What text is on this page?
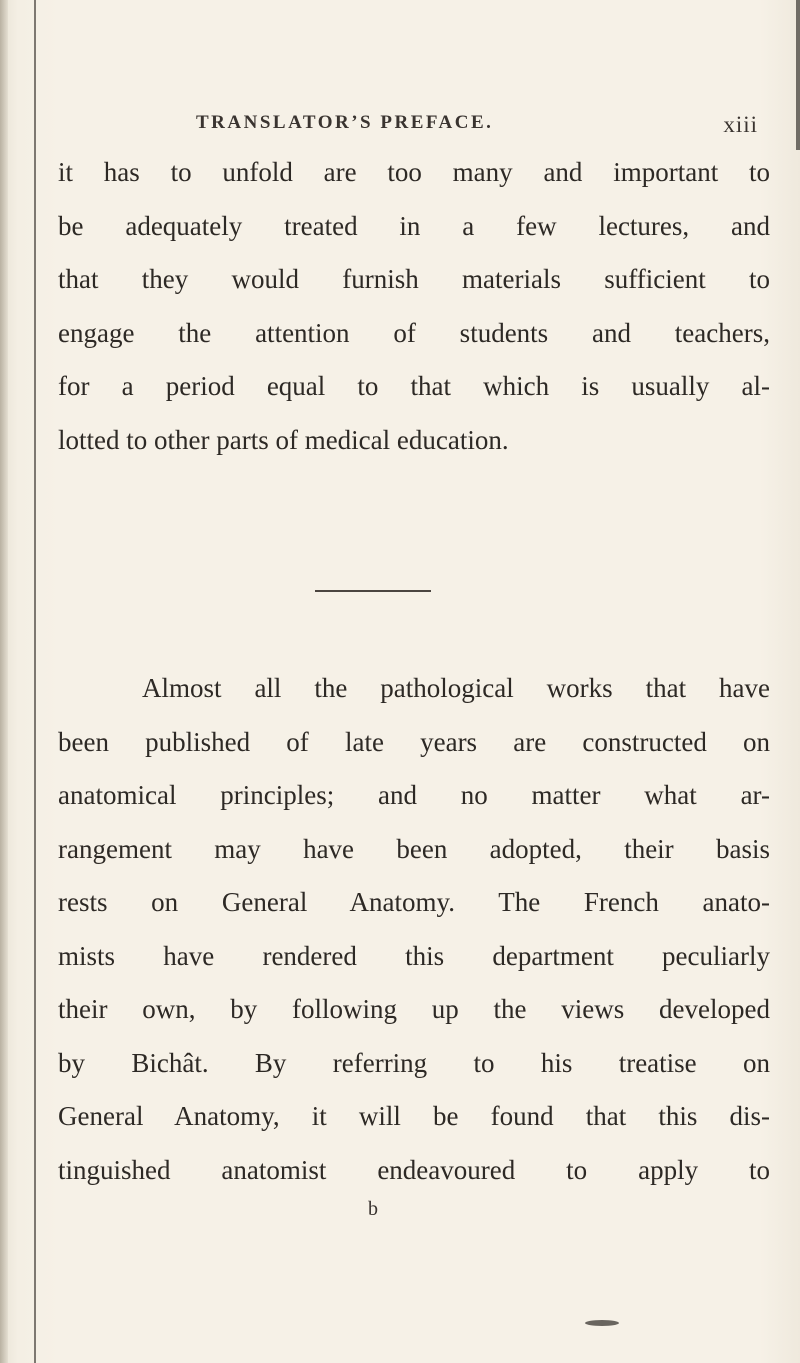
TRANSLATOR’S PREFACE.	xiii
it has to unfold are too many and important to
be adequately treated in a few lectures, and
that they would furnish materials sufficient to
engage the attention of students and teachers,
for a period equal to that which is usually al-
lotted to other parts of medical education.
Almost all the pathological works that have
been published of late years are constructed on
anatomical principles; and no matter what ar-
rangement may have been adopted, their basis
rests on General Anatomy. The French anato-
mists have rendered this department peculiarly
their own, by following up the views developed
by Bichât. By referring to his treatise on
General Anatomy, it will be found that this dis-
tinguished anatomist endeavoured to apply to
b
